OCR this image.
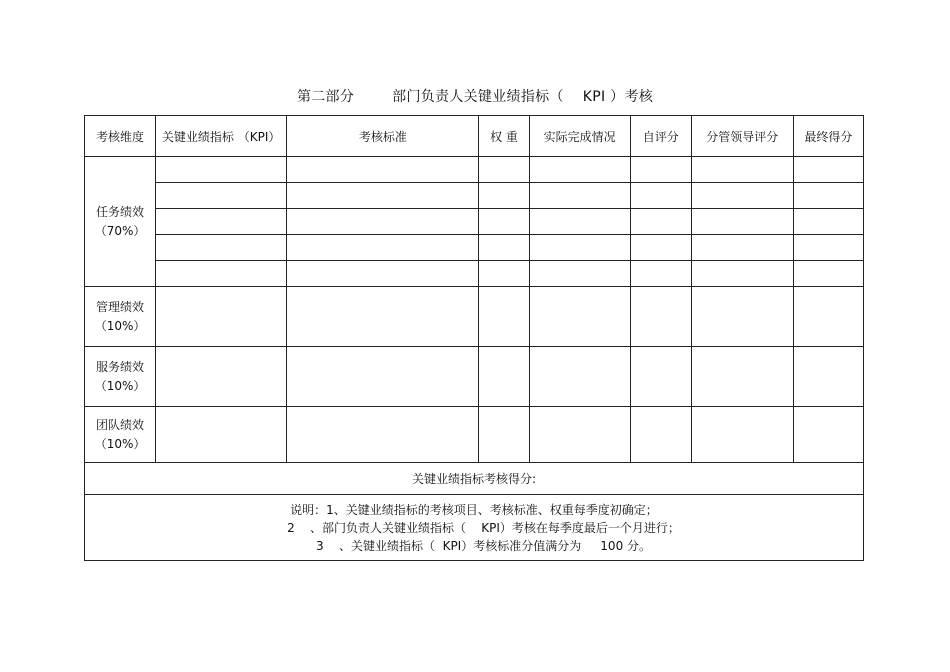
第二部分        部门负责人关键业绩指标（    KPI ）考核
考核维度	关键业绩指标 （KPI）	考核标准	权 重	实际完成情况	自评分	分管领导评分	最终得分

任务绩效
（70%）							

管理绩效
（10%）							

服务绩效
（10%）							

团队绩效
（10%）							

关键业绩指标考核得分:							

说明：1、关键业绩指标的考核项目、考核标准、权重每季度初确定；
2    、部门负责人关键业绩指标（    KPI）考核在每季度最后一个月进行；
3    、关键业绩指标（  KPI）考核标准分值满分为     100 分。							
